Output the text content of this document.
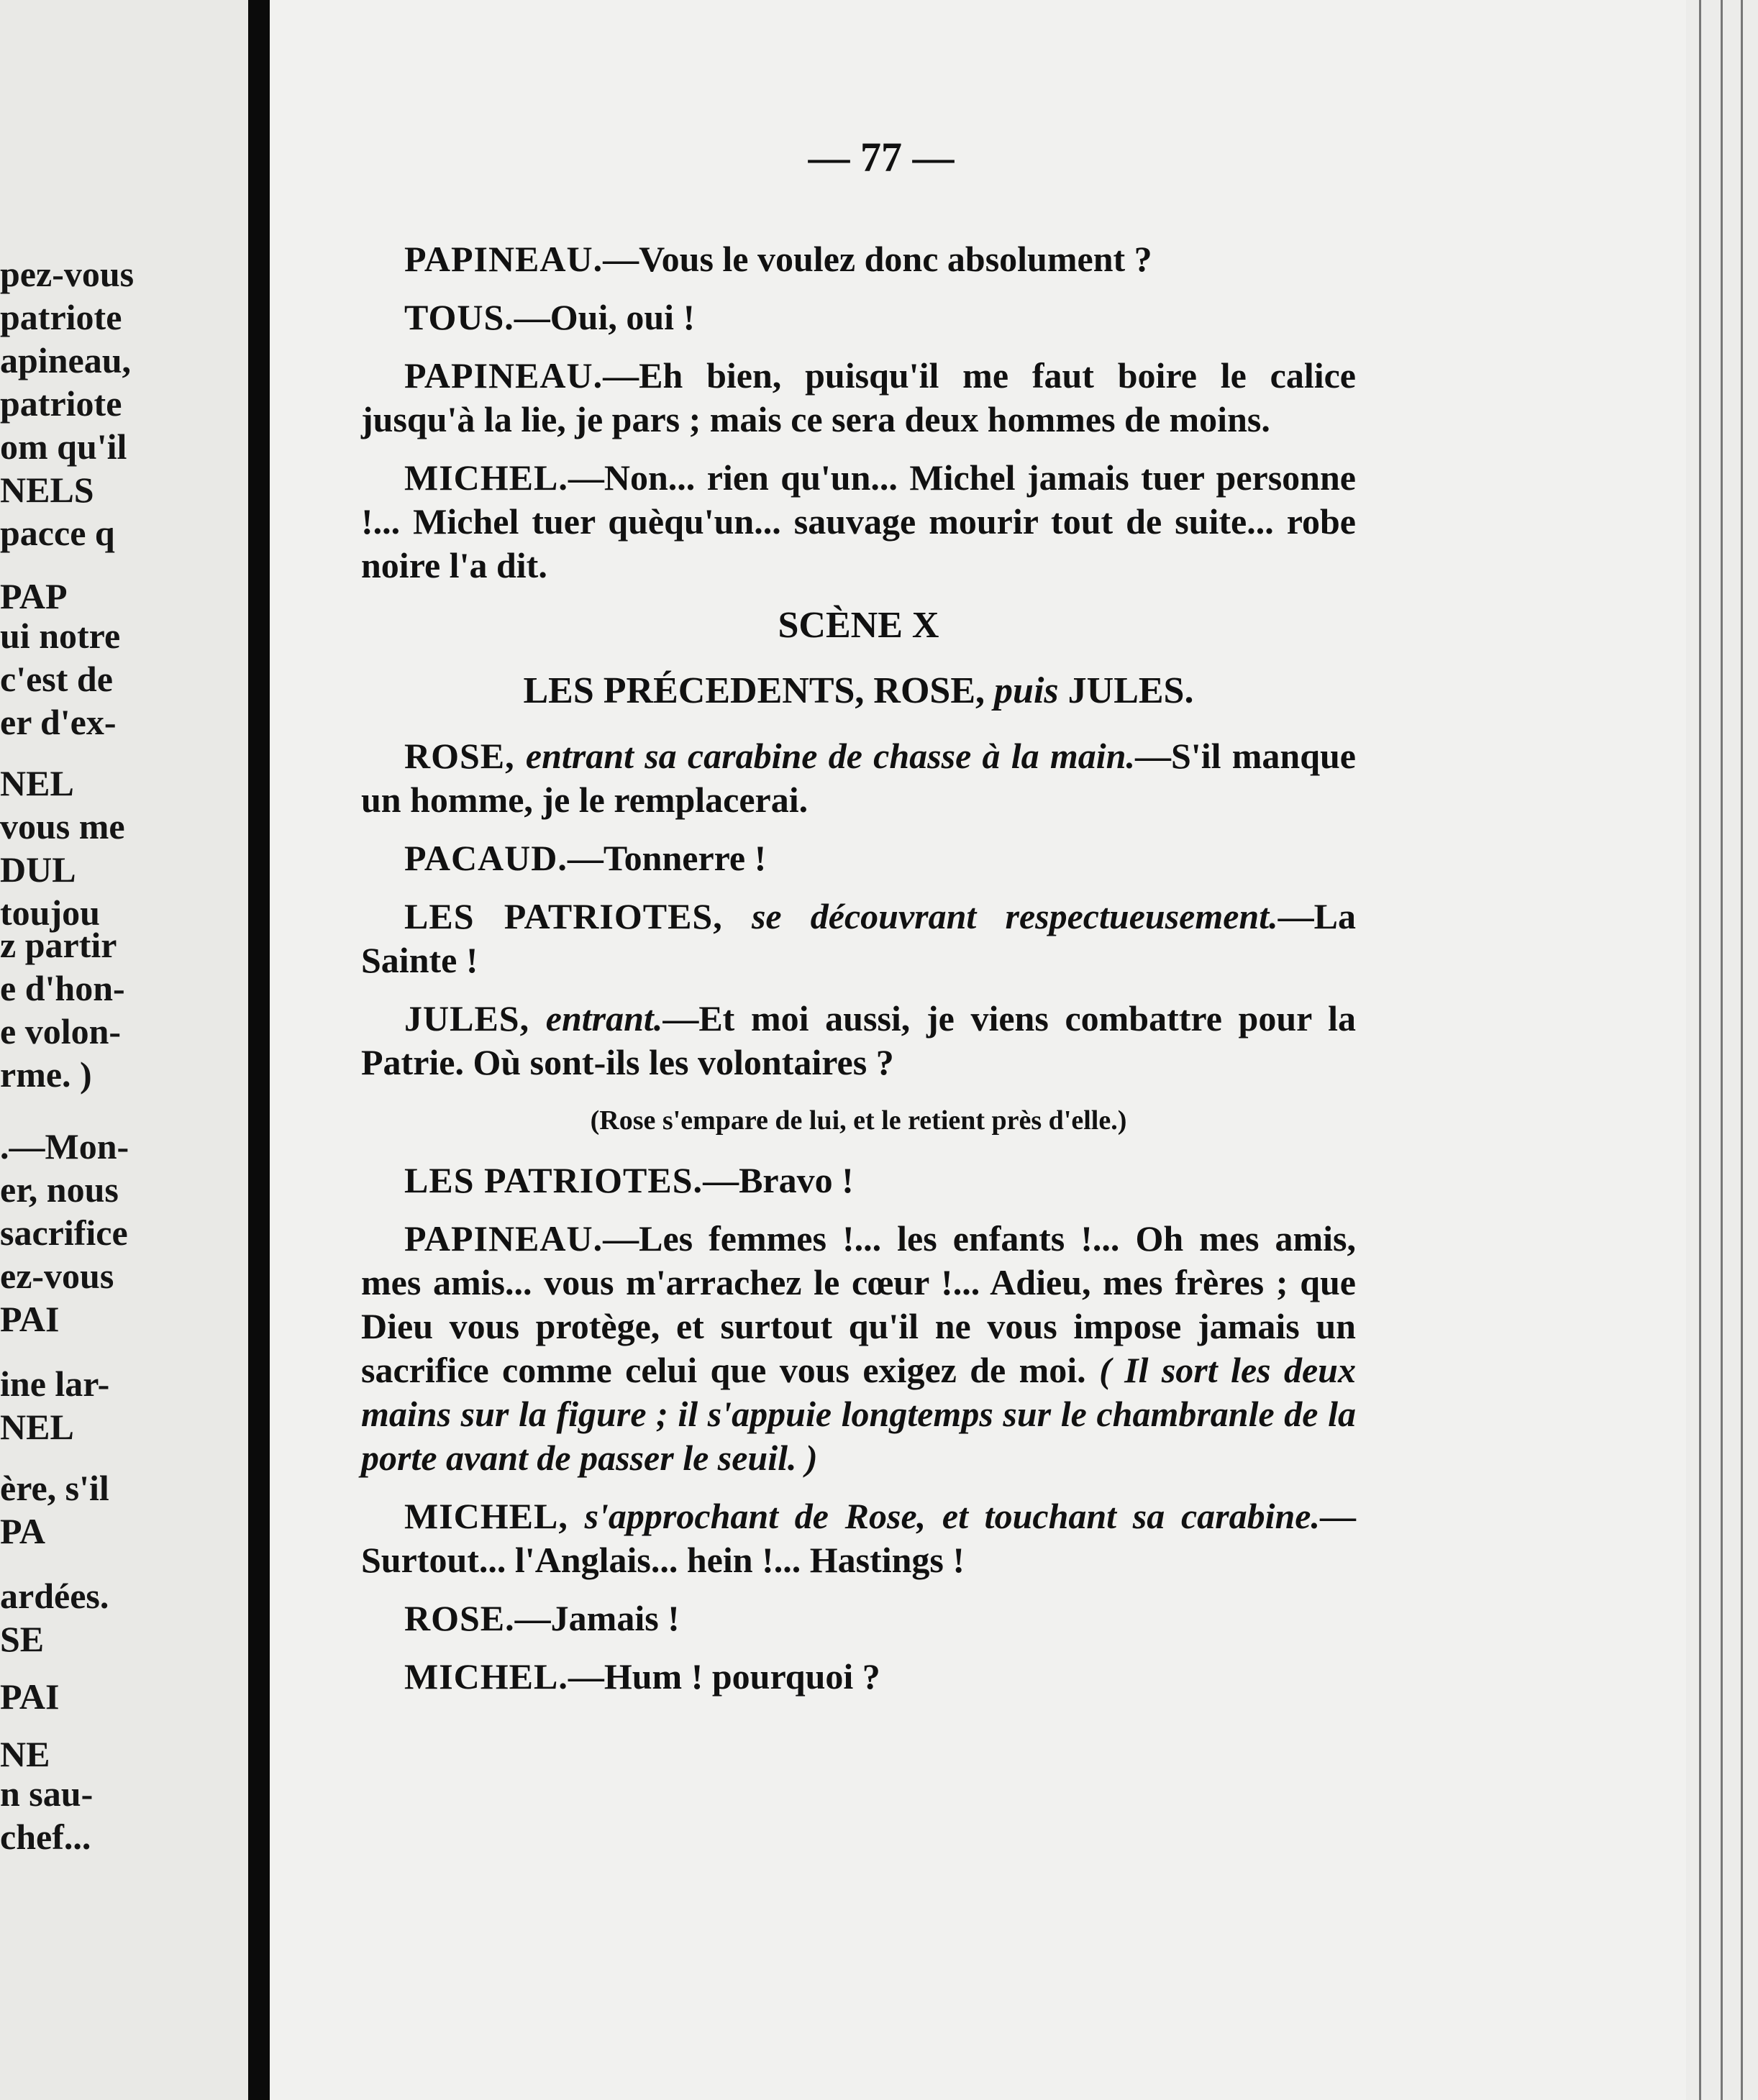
pez-vous
patriote
apineau,
patriote
om qu'il
NELS
pacce q
PAP
ui notre
c'est de
er d'ex-
NEL
vous me
DUL
toujou
z partir
e d'hon-
e volon-
rme. )
.—Mon-
er, nous
sacrifice
ez-vous
PAI
ine lar-
NEL
ère, s'il
PA
ardées.
SE
PAI
NE
n sau-
chef...
— 77 —

PAPINEAU.—Vous le voulez donc absolument ?

TOUS.—Oui, oui !

PAPINEAU.—Eh bien, puisqu'il me faut boire le calice jusqu'à la lie, je pars ; mais ce sera deux hommes de moins.

MICHEL.—Non... rien qu'un... Michel jamais tuer personne !... Michel tuer quèqu'un... sauvage mourir tout de suite... robe noire l'a dit.

SCÈNE X
LES PRÉCEDENTS, ROSE, puis JULES.

ROSE, entrant sa carabine de chasse à la main.—S'il manque un homme, je le remplacerai.

PACAUD.—Tonnerre !

LES PATRIOTES, se découvrant respectueusement.—La Sainte !

JULES, entrant.—Et moi aussi, je viens combattre pour la Patrie. Où sont-ils les volontaires ?

(Rose s'empare de lui, et le retient près d'elle.)

LES PATRIOTES.—Bravo !

PAPINEAU.—Les femmes !... les enfants !... Oh mes amis, mes amis... vous m'arrachez le cœur !... Adieu, mes frères ; que Dieu vous protège, et surtout qu'il ne vous impose jamais un sacrifice comme celui que vous exigez de moi. ( Il sort les deux mains sur la figure ; il s'appuie longtemps sur le chambranle de la porte avant de passer le seuil. )

MICHEL, s'approchant de Rose, et touchant sa carabine.—Surtout... l'Anglais... hein !... Hastings !

ROSE.—Jamais !

MICHEL.—Hum ! pourquoi ?
